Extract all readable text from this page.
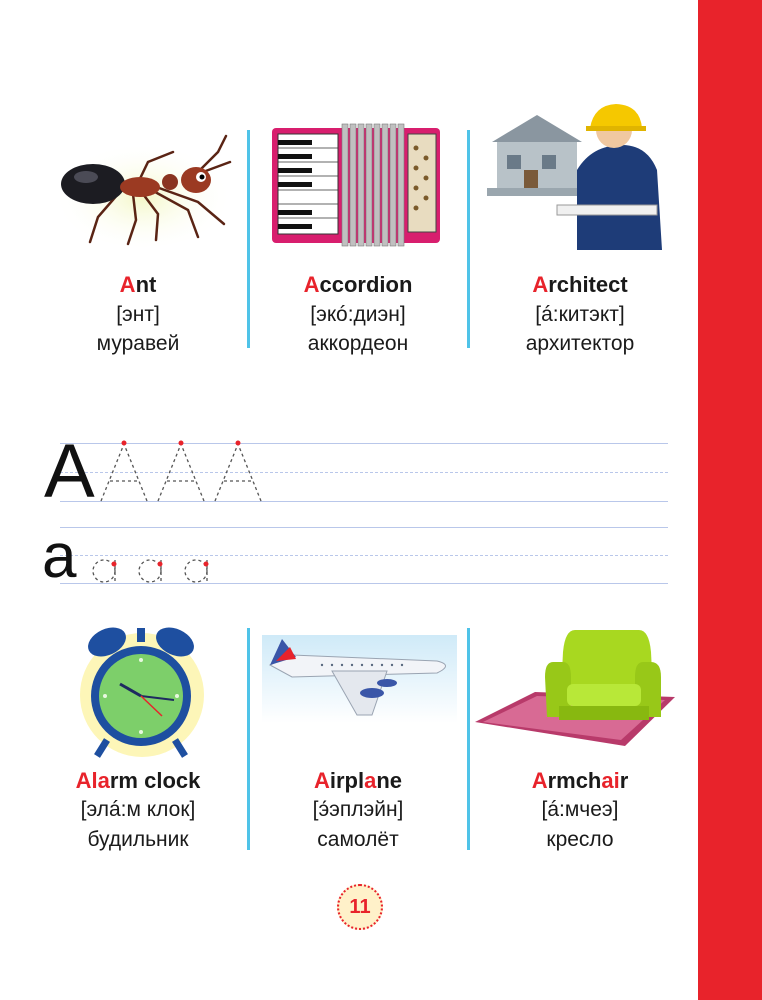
Ant
[энт]
муравей
Accordion
[экó:диэн]
аккордеон
Architect
[á:китэкт]
архитектор
A
a
Alarm clock
[элá:м клок]
будильник
Airplane
[э́эплэйн]
самолёт
Armchair
[á:мчеэ]
кресло
11
